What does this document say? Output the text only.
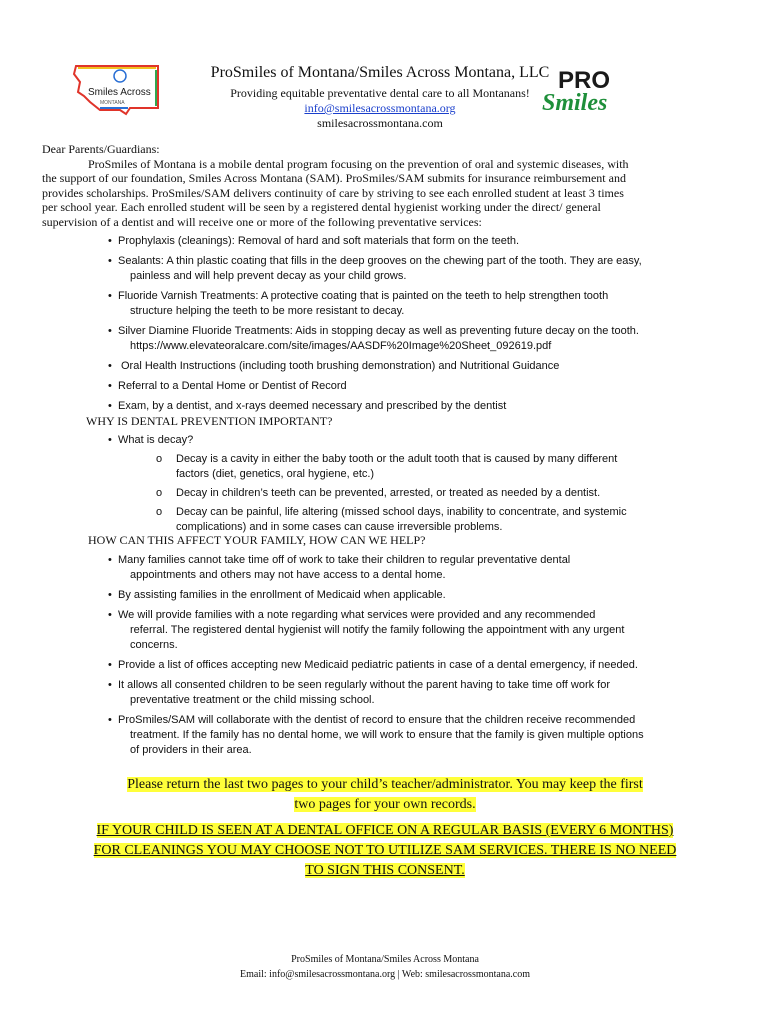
Smiles Across
MONTANA
ProSmiles of Montana/Smiles Across Montana, LLC
Providing equitable preventative dental care to all Montanans!
info@smilesacrossmontana.org
smilesacrossmontana.com
PRO
Smiles

Dear Parents/Guardians:

ProSmiles of Montana is a mobile dental program focusing on the prevention of oral and systemic diseases, with the support of our foundation, Smiles Across Montana (SAM). ProSmiles/SAM submits for insurance reimbursement and provides scholarships. ProSmiles/SAM delivers continuity of care by striving to see each enrolled student at least 3 times per school year. Each enrolled student will be seen by a registered dental hygienist working under the direct/ general supervision of a dentist and will receive one or more of the following preventative services:

• Prophylaxis (cleanings): Removal of hard and soft materials that form on the teeth.
• Sealants: A thin plastic coating that fills in the deep grooves on the chewing part of the tooth. They are easy,
painless and will help prevent decay as your child grows.
• Fluoride Varnish Treatments: A protective coating that is painted on the teeth to help strengthen tooth
structure helping the teeth to be more resistant to decay.
• Silver Diamine Fluoride Treatments: Aids in stopping decay as well as preventing future decay on the tooth.
https://www.elevateoralcare.com/site/images/AASDF%20Image%20Sheet_092619.pdf
• Oral Health Instructions (including tooth brushing demonstration) and Nutritional Guidance
• Referral to a Dental Home or Dentist of Record
• Exam, by a dentist, and x-rays deemed necessary and prescribed by the dentist
WHY IS DENTAL PREVENTION IMPORTANT?
• What is decay?
o Decay is a cavity in either the baby tooth or the adult tooth that is caused by many different
factors (diet, genetics, oral hygiene, etc.)
o Decay in children’s teeth can be prevented, arrested, or treated as needed by a dentist.
o Decay can be painful, life altering (missed school days, inability to concentrate, and systemic
complications) and in some cases can cause irreversible problems.
HOW CAN THIS AFFECT YOUR FAMILY, HOW CAN WE HELP?
• Many families cannot take time off of work to take their children to regular preventative dental
appointments and others may not have access to a dental home.
• By assisting families in the enrollment of Medicaid when applicable.
• We will provide families with a note regarding what services were provided and any recommended
referral. The registered dental hygienist will notify the family following the appointment with any urgent
concerns.
• Provide a list of offices accepting new Medicaid pediatric patients in case of a dental emergency, if needed.
• It allows all consented children to be seen regularly without the parent having to take time off work for
preventative treatment or the child missing school.
• ProSmiles/SAM will collaborate with the dentist of record to ensure that the children receive recommended
treatment. If the family has no dental home, we will work to ensure that the family is given multiple options
of providers in their area.
Please return the last two pages to your child’s teacher/administrator. You may keep the first
two pages for your own records.
IF YOUR CHILD IS SEEN AT A DENTAL OFFICE ON A REGULAR BASIS (EVERY 6 MONTHS)
FOR CLEANINGS YOU MAY CHOOSE NOT TO UTILIZE SAM SERVICES. THERE IS NO NEED
TO SIGN THIS CONSENT.
ProSmiles of Montana/Smiles Across Montana
Email: info@smilesacrossmontana.org | Web: smilesacrossmontana.com
